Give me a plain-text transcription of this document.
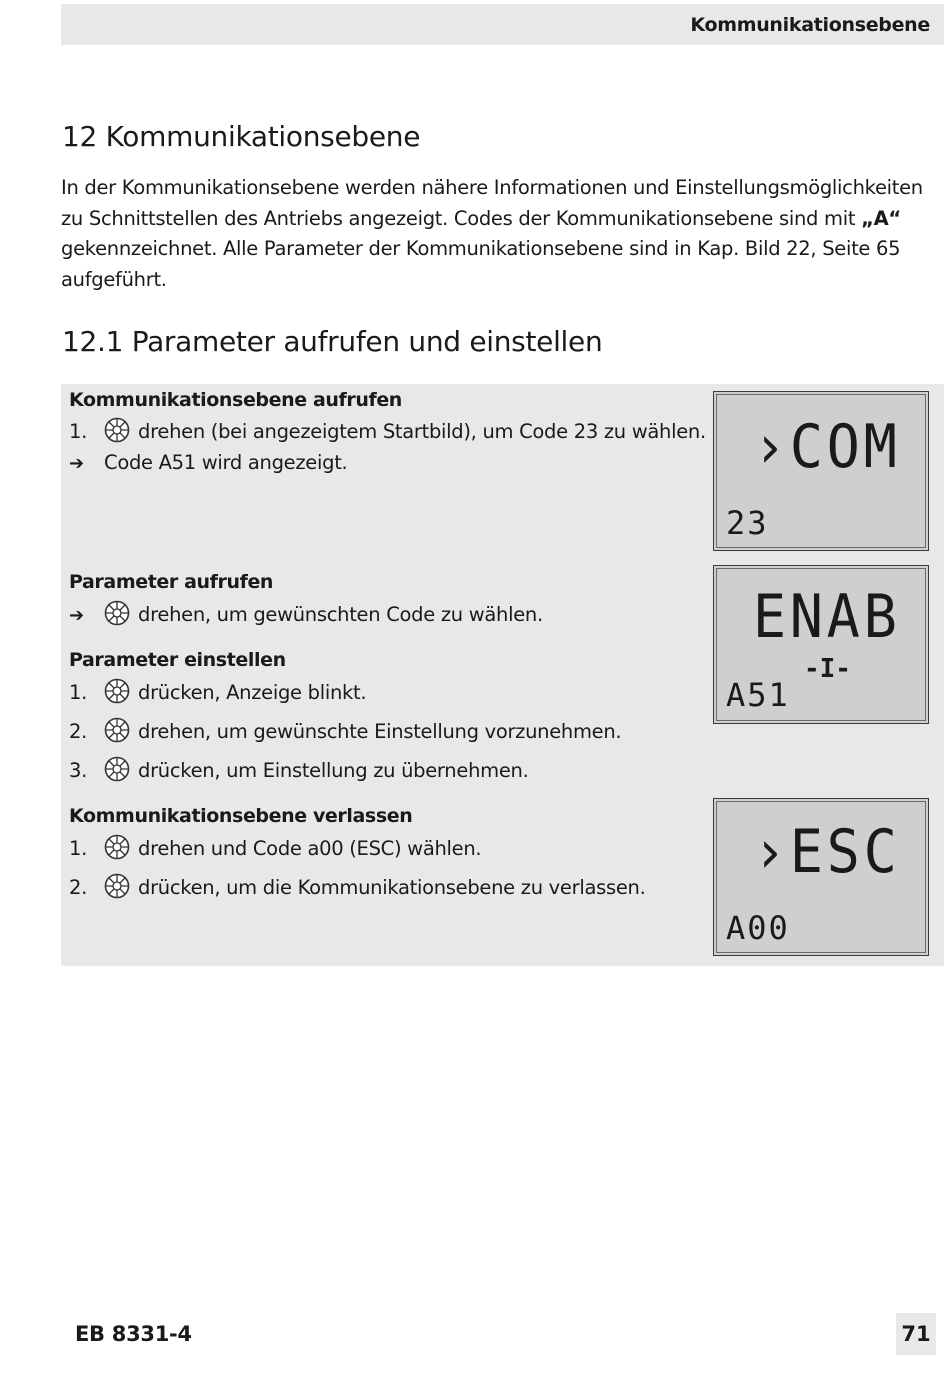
Kommunikationsebene
12 Kommunikationsebene

In der Kommunikationsebene werden nähere Informationen und Einstellungsmöglichkeiten zu Schnittstellen des Antriebs angezeigt. Codes der Kommunikationsebene sind mit „A“ gekennzeichnet. Alle Parameter der Kommunikationsebene sind in Kap. Bild 22, Seite 65 aufgeführt.

12.1 Parameter aufrufen und einstellen
Kommunikationsebene aufrufen
1.	drehen (bei angezeigtem Startbild), um Code 23 zu wählen.
➔ Code A51 wird angezeigt.
Parameter aufrufen
➔	drehen, um gewünschten Code zu wählen.
Parameter einstellen
1.	drücken, Anzeige blinkt.
2.	drehen, um gewünschte Einstellung vorzunehmen.
3.	drücken, um Einstellung zu übernehmen.
Kommunikationsebene verlassen
1.	drehen und Code a00 (ESC) wählen.
2.	drücken, um die Kommunikationsebene zu verlassen.
›COM
23
ENAB
-I-
A51
›ESC
A00
EB 8331-4	71
